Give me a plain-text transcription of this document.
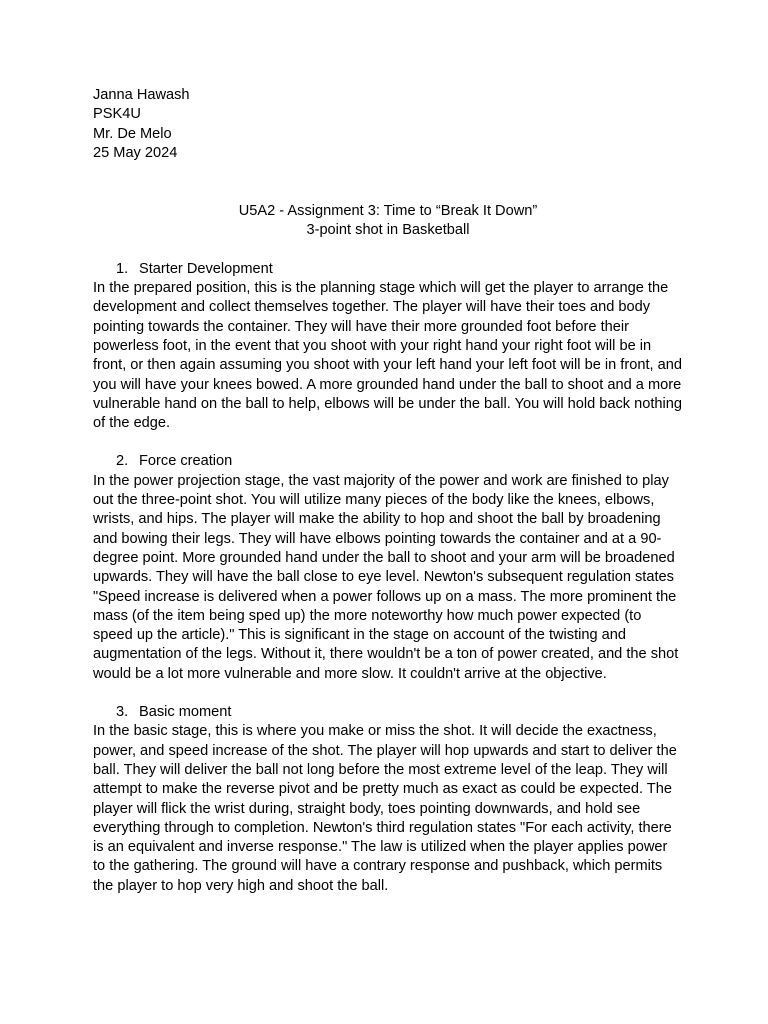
Janna Hawash
PSK4U
Mr. De Melo
25 May 2024
U5A2 - Assignment 3: Time to “Break It Down”
3-point shot in Basketball
1. Starter Development
In the prepared position, this is the planning stage which will get the player to arrange the development and collect themselves together. The player will have their toes and body pointing towards the container. They will have their more grounded foot before their powerless foot, in the event that you shoot with your right hand your right foot will be in front, or then again assuming you shoot with your left hand your left foot will be in front, and you will have your knees bowed. A more grounded hand under the ball to shoot and a more vulnerable hand on the ball to help, elbows will be under the ball. You will hold back nothing of the edge.
2. Force creation
In the power projection stage, the vast majority of the power and work are finished to play out the three-point shot. You will utilize many pieces of the body like the knees, elbows, wrists, and hips. The player will make the ability to hop and shoot the ball by broadening and bowing their legs. They will have elbows pointing towards the container and at a 90-degree point. More grounded hand under the ball to shoot and your arm will be broadened upwards. They will have the ball close to eye level. Newton's subsequent regulation states "Speed increase is delivered when a power follows up on a mass. The more prominent the mass (of the item being sped up) the more noteworthy how much power expected (to speed up the article)." This is significant in the stage on account of the twisting and augmentation of the legs. Without it, there wouldn't be a ton of power created, and the shot would be a lot more vulnerable and more slow. It couldn't arrive at the objective.
3. Basic moment
In the basic stage, this is where you make or miss the shot. It will decide the exactness, power, and speed increase of the shot. The player will hop upwards and start to deliver the ball. They will deliver the ball not long before the most extreme level of the leap. They will attempt to make the reverse pivot and be pretty much as exact as could be expected. The player will flick the wrist during, straight body, toes pointing downwards, and hold see everything through to completion. Newton's third regulation states "For each activity, there is an equivalent and inverse response." The law is utilized when the player applies power to the gathering. The ground will have a contrary response and pushback, which permits the player to hop very high and shoot the ball.
